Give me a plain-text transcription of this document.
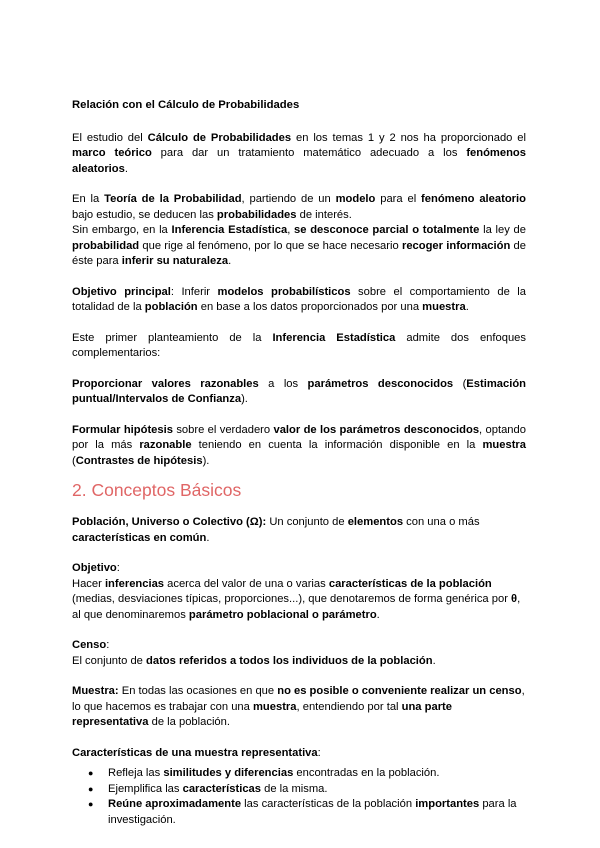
Relación con el Cálculo de Probabilidades

El estudio del Cálculo de Probabilidades en los temas 1 y 2 nos ha proporcionado el marco teórico para dar un tratamiento matemático adecuado a los fenómenos aleatorios.

En la Teoría de la Probabilidad, partiendo de un modelo para el fenómeno aleatorio bajo estudio, se deducen las probabilidades de interés.

Sin embargo, en la Inferencia Estadística, se desconoce parcial o totalmente la ley de probabilidad que rige al fenómeno, por lo que se hace necesario recoger información de éste para inferir su naturaleza.

Objetivo principal: Inferir modelos probabilísticos sobre el comportamiento de la totalidad de la población en base a los datos proporcionados por una muestra.

Este primer planteamiento de la Inferencia Estadística admite dos enfoques complementarios:

Proporcionar valores razonables a los parámetros desconocidos (Estimación puntual/Intervalos de Confianza).

Formular hipótesis sobre el verdadero valor de los parámetros desconocidos, optando por la más razonable teniendo en cuenta la información disponible en la muestra (Contrastes de hipótesis).

2. Conceptos Básicos

Población, Universo o Colectivo (Ω): Un conjunto de elementos con una o más características en común.

Objetivo:

Hacer inferencias acerca del valor de una o varias características de la población (medias, desviaciones típicas, proporciones...), que denotaremos de forma genérica por θ, al que denominaremos parámetro poblacional o parámetro.

Censo:

El conjunto de datos referidos a todos los individuos de la población.

Muestra: En todas las ocasiones en que no es posible o conveniente realizar un censo, lo que hacemos es trabajar con una muestra, entendiendo por tal una parte representativa de la población.

Características de una muestra representativa:

● Refleja las similitudes y diferencias encontradas en la población.
● Ejemplifica las características de la misma.
● Reúne aproximadamente las características de la población importantes para la investigación.
